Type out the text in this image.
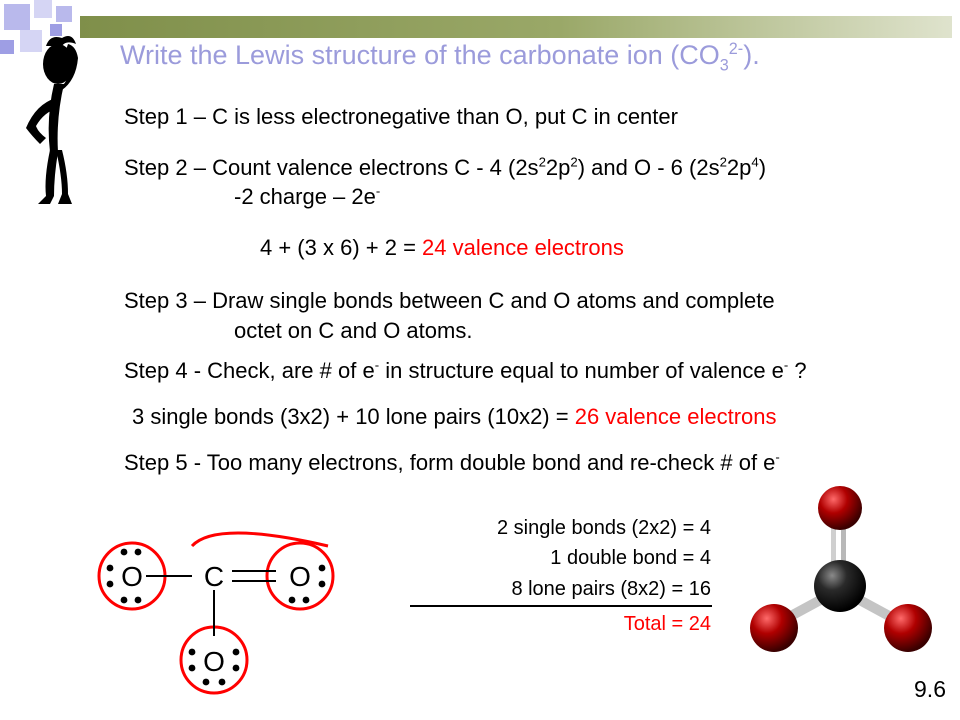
Write the Lewis structure of the carbonate ion $(CO_3^{2-})$.
Step 1 – C is less electronegative than O, put C in center
Step 2 – Count valence electrons C - 4 $(2s^22p^2)$ and O - 6 $(2s^22p^4)$
-2 charge – 2e-
4 + (3 x 6) + 2 = 24 valence electrons
Step 3 – Draw single bonds between C and O atoms and complete
octet on C and O atoms.
Step 4 - Check, are # of e- in structure equal to number of valence e- ?
3 single bonds (3x2) + 10 lone pairs (10x2) = 26 valence electrons
Step 5 - Too many electrons, form double bond and re-check # of e-
2 single bonds (2x2) = 4
1 double bond = 4
8 lone pairs (8x2) = 16
Total = 24
O C O
O
9.6
